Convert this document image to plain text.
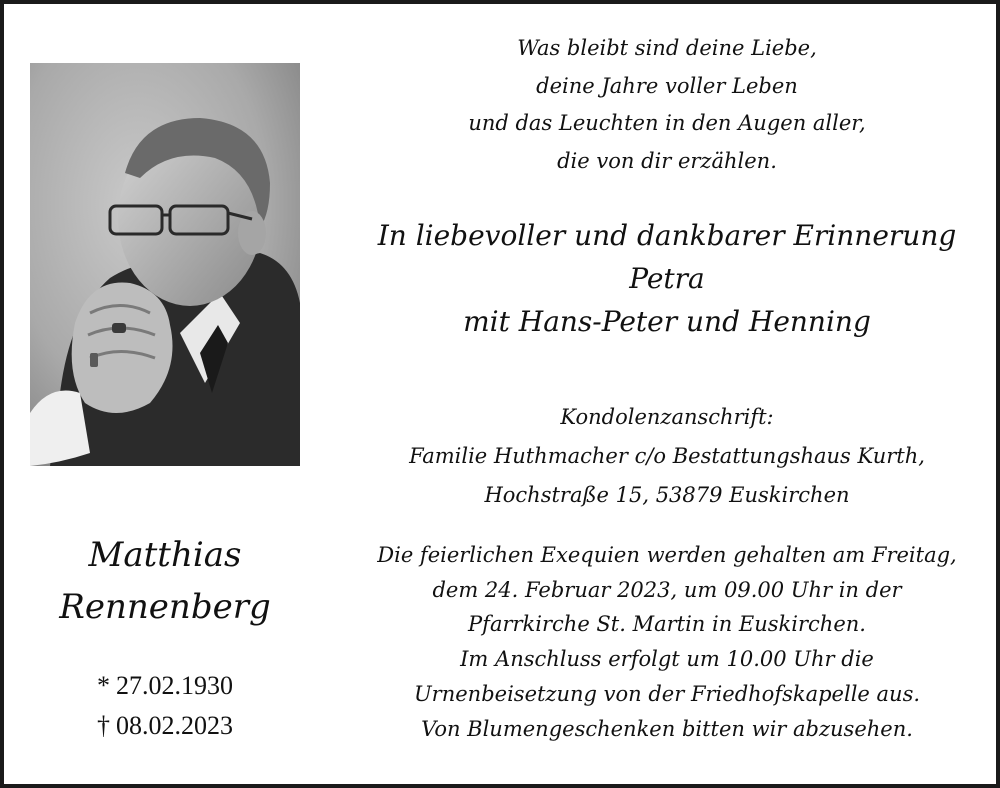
Matthias
Rennenberg
* 27.02.1930
† 08.02.2023
Was bleibt sind deine Liebe,
deine Jahre voller Leben
und das Leuchten in den Augen aller,
die von dir erzählen.
In liebevoller und dankbarer Erinnerung
Petra
mit Hans-Peter und Henning
Kondolenzanschrift:
Familie Huthmacher c/o Bestattungshaus Kurth,
Hochstraße 15, 53879 Euskirchen
Die feierlichen Exequien werden gehalten am Freitag,
dem 24. Februar 2023, um 09.00 Uhr in der
Pfarrkirche St. Martin in Euskirchen.
Im Anschluss erfolgt um 10.00 Uhr die
Urnenbeisetzung von der Friedhofskapelle aus.
Von Blumengeschenken bitten wir abzusehen.
